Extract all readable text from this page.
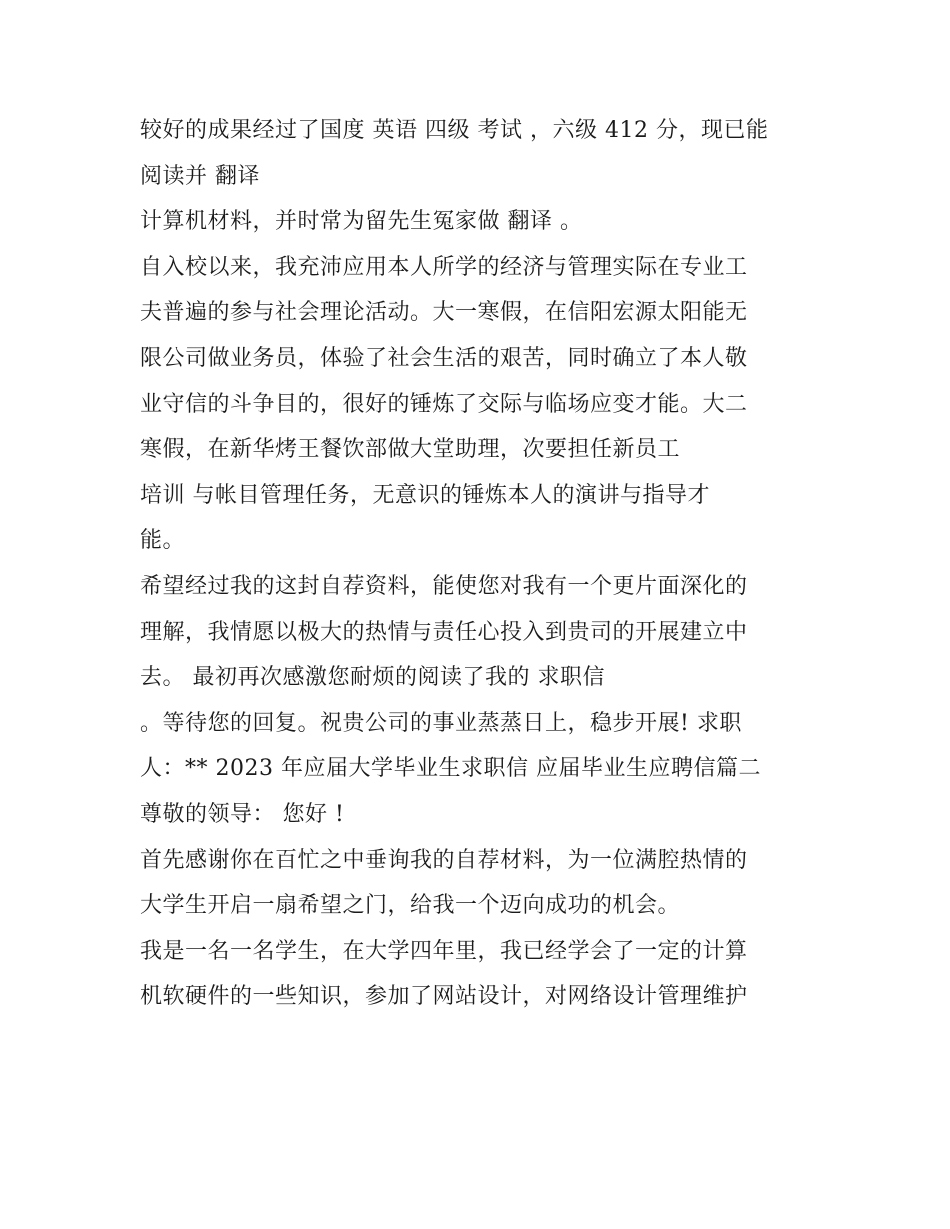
较好的成果经过了国度 英语 四级 考试 ，六级 412 分，现已能
阅读并 翻译
计算机材料，并时常为留先生冤家做 翻译 。
自入校以来，我充沛应用本人所学的经济与管理实际在专业工
夫普遍的参与社会理论活动。大一寒假，在信阳宏源太阳能无
限公司做业务员，体验了社会生活的艰苦，同时确立了本人敬
业守信的斗争目的，很好的锤炼了交际与临场应变才能。大二
寒假，在新华烤王餐饮部做大堂助理，次要担任新员工
培训 与帐目管理任务，无意识的锤炼本人的演讲与指导才
能。
希望经过我的这封自荐资料，能使您对我有一个更片面深化的
理解，我情愿以极大的热情与责任心投入到贵司的开展建立中
去。 最初再次感激您耐烦的阅读了我的 求职信
。等待您的回复。祝贵公司的事业蒸蒸日上，稳步开展! 求职
人：** 2023 年应届大学毕业生求职信 应届毕业生应聘信篇二
尊敬的领导： 您好 !
首先感谢你在百忙之中垂询我的自荐材料，为一位满腔热情的
大学生开启一扇希望之门，给我一个迈向成功的机会。
我是一名一名学生，在大学四年里，我已经学会了一定的计算
机软硬件的一些知识，参加了网站设计，对网络设计管理维护
